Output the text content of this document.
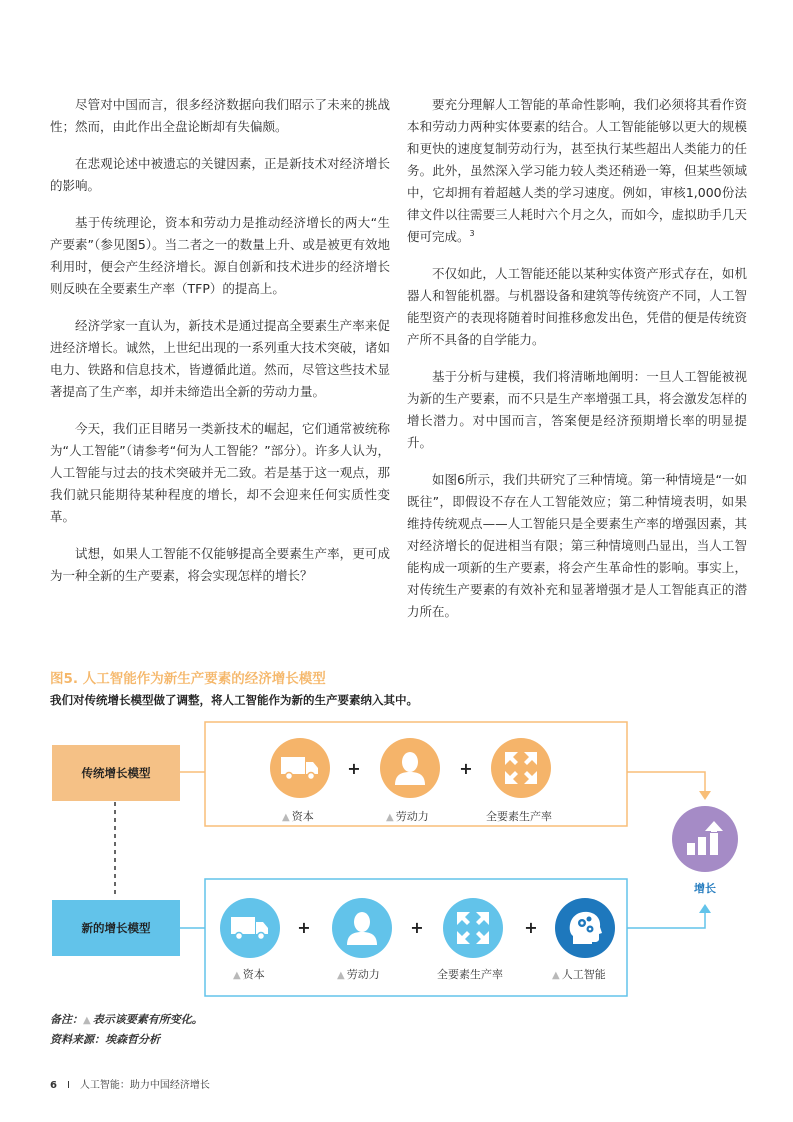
尽管对中国而言，很多经济数据向我们昭示了未来的挑战性；然而，由此作出全盘论断却有失偏颇。

在悲观论述中被遗忘的关键因素，正是新技术对经济增长的影响。

基于传统理论，资本和劳动力是推动经济增长的两大“生产要素”（参见图5）。当二者之一的数量上升、或是被更有效地利用时，便会产生经济增长。源自创新和技术进步的经济增长则反映在全要素生产率（TFP）的提高上。

经济学家一直认为，新技术是通过提高全要素生产率来促进经济增长。诚然，上世纪出现的一系列重大技术突破，诸如电力、铁路和信息技术，皆遵循此道。然而，尽管这些技术显著提高了生产率，却并未缔造出全新的劳动力量。

今天，我们正目睹另一类新技术的崛起，它们通常被统称为“人工智能”（请参考“何为人工智能？”部分）。许多人认为，人工智能与过去的技术突破并无二致。若是基于这一观点，那我们就只能期待某种程度的增长，却不会迎来任何实质性变革。

试想，如果人工智能不仅能够提高全要素生产率，更可成为一种全新的生产要素，将会实现怎样的增长？

要充分理解人工智能的革命性影响，我们必须将其看作资本和劳动力两种实体要素的结合。人工智能能够以更大的规模和更快的速度复制劳动行为，甚至执行某些超出人类能力的任务。此外，虽然深入学习能力较人类还稍逊一筹，但某些领域中，它却拥有着超越人类的学习速度。例如，审核1,000份法律文件以往需要三人耗时六个月之久，而如今，虚拟助手几天便可完成。$^3$

不仅如此，人工智能还能以某种实体资产形式存在，如机器人和智能机器。与机器设备和建筑等传统资产不同，人工智能型资产的表现将随着时间推移愈发出色，凭借的便是传统资产所不具备的自学能力。

基于分析与建模，我们将清晰地阐明：一旦人工智能被视为新的生产要素，而不只是生产率增强工具，将会激发怎样的增长潜力。对中国而言，答案便是经济预期增长率的明显提升。

如图6所示，我们共研究了三种情境。第一种情境是“一如既往”，即假设不存在人工智能效应；第二种情境表明，如果维持传统观点——人工智能只是全要素生产率的增强因素，其对经济增长的促进相当有限；第三种情境则凸显出，当人工智能构成一项新的生产要素，将会产生革命性的影响。事实上，对传统生产要素的有效补充和显著增强才是人工智能真正的潜力所在。

图5. 人工智能作为新生产要素的经济增长模型

我们对传统增长模型做了调整，将人工智能作为新的生产要素纳入其中。

传统增长模型
新的增长模型
+	+
▲ 资本	▲ 劳动力	全要素生产率
增长
+	+	+
▲ 资本	▲ 劳动力	全要素生产率	▲ 人工智能
备注：▲ 表示该要素有所变化。
资料来源：埃森哲分析
6 I 人工智能：助力中国经济增长
